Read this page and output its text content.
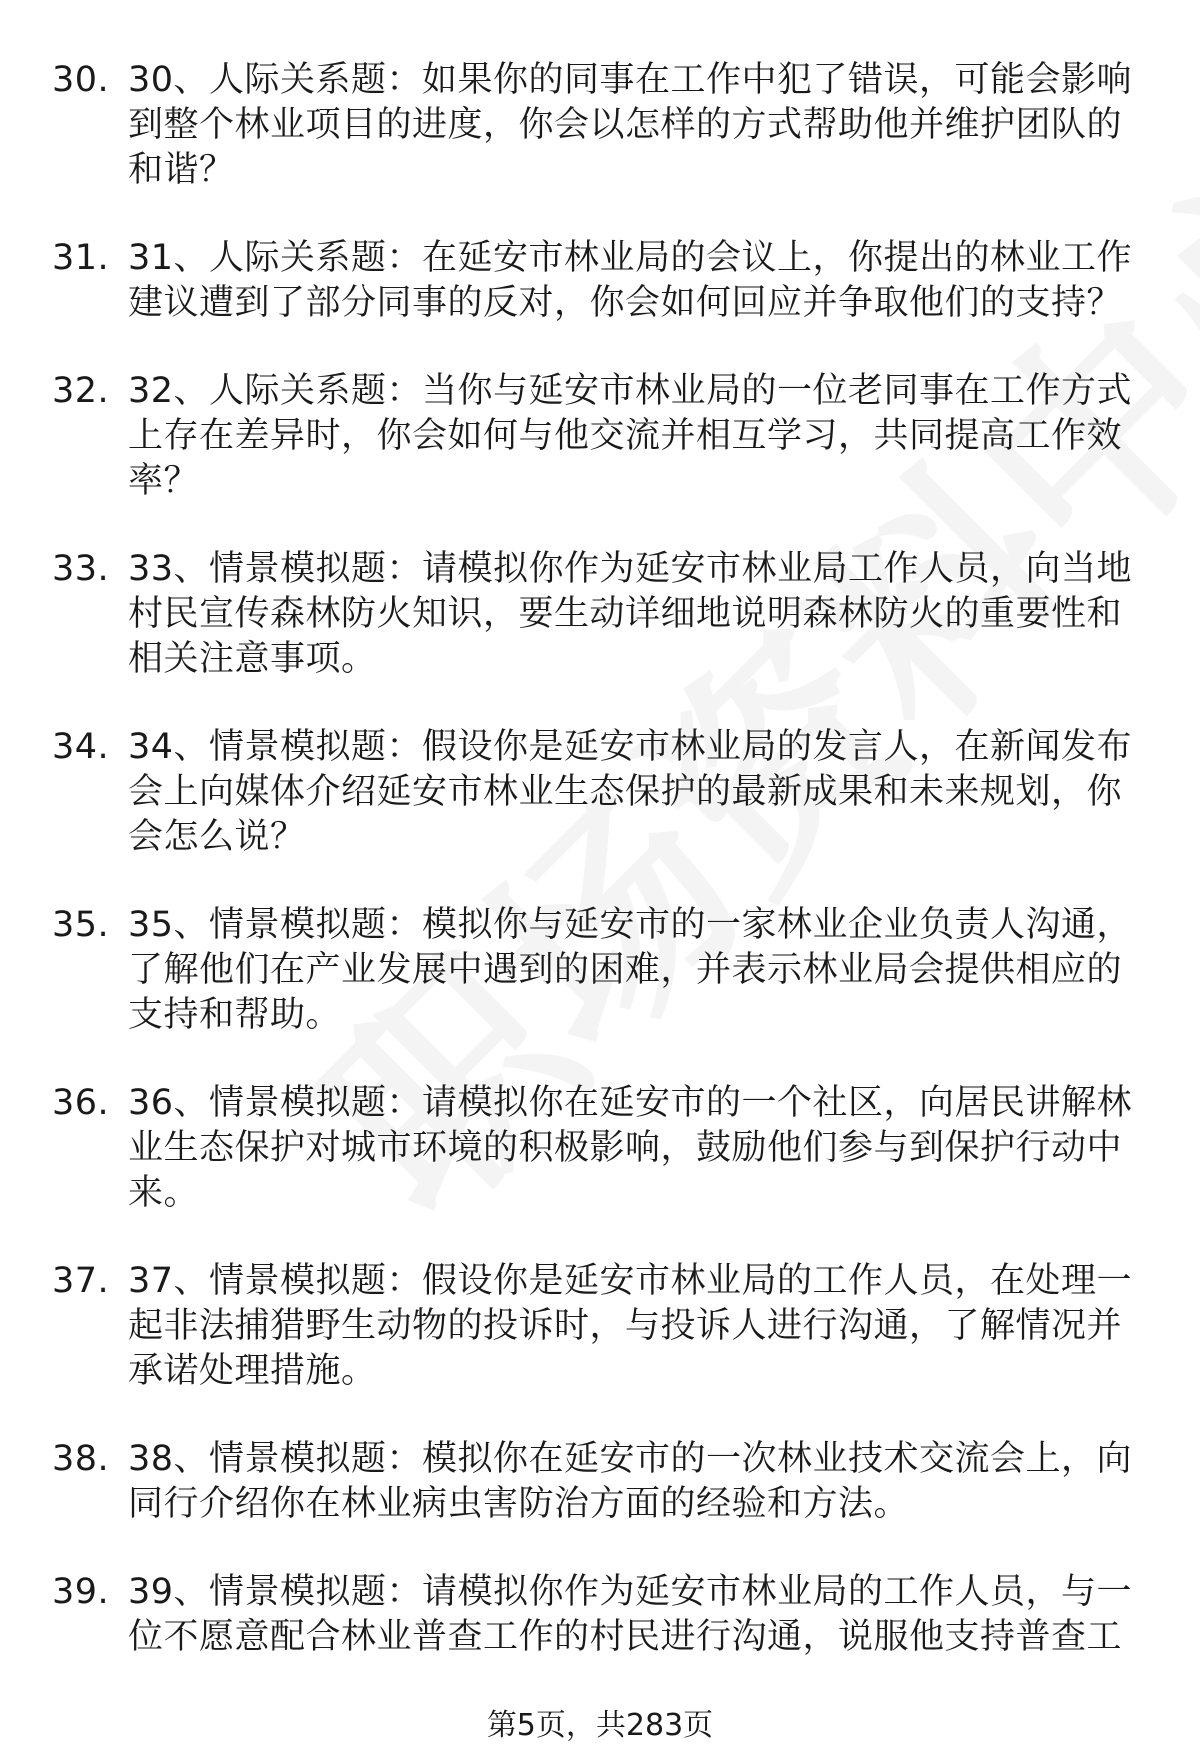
30. 30、人际关系题：如果你的同事在工作中犯了错误，可能会影响到整个林业项目的进度，你会以怎样的方式帮助他并维护团队的和谐？
31. 31、人际关系题：在延安市林业局的会议上，你提出的林业工作建议遭到了部分同事的反对，你会如何回应并争取他们的支持？
32. 32、人际关系题：当你与延安市林业局的一位老同事在工作方式上存在差异时，你会如何与他交流并相互学习，共同提高工作效率？
33. 33、情景模拟题：请模拟你作为延安市林业局工作人员，向当地村民宣传森林防火知识，要生动详细地说明森林防火的重要性和相关注意事项。
34. 34、情景模拟题：假设你是延安市林业局的发言人，在新闻发布会上向媒体介绍延安市林业生态保护的最新成果和未来规划，你会怎么说？
35. 35、情景模拟题：模拟你与延安市的一家林业企业负责人沟通，了解他们在产业发展中遇到的困难，并表示林业局会提供相应的支持和帮助。
36. 36、情景模拟题：请模拟你在延安市的一个社区，向居民讲解林业生态保护对城市环境的积极影响，鼓励他们参与到保护行动中来。
37. 37、情景模拟题：假设你是延安市林业局的工作人员，在处理一起非法捕猎野生动物的投诉时，与投诉人进行沟通，了解情况并承诺处理措施。
38. 38、情景模拟题：模拟你在延安市的一次林业技术交流会上，向同行介绍你在林业病虫害防治方面的经验和方法。
39. 39、情景模拟题：请模拟你作为延安市林业局的工作人员，与一位不愿意配合林业普查工作的村民进行沟通，说服他支持普查工
第5页，共283页
